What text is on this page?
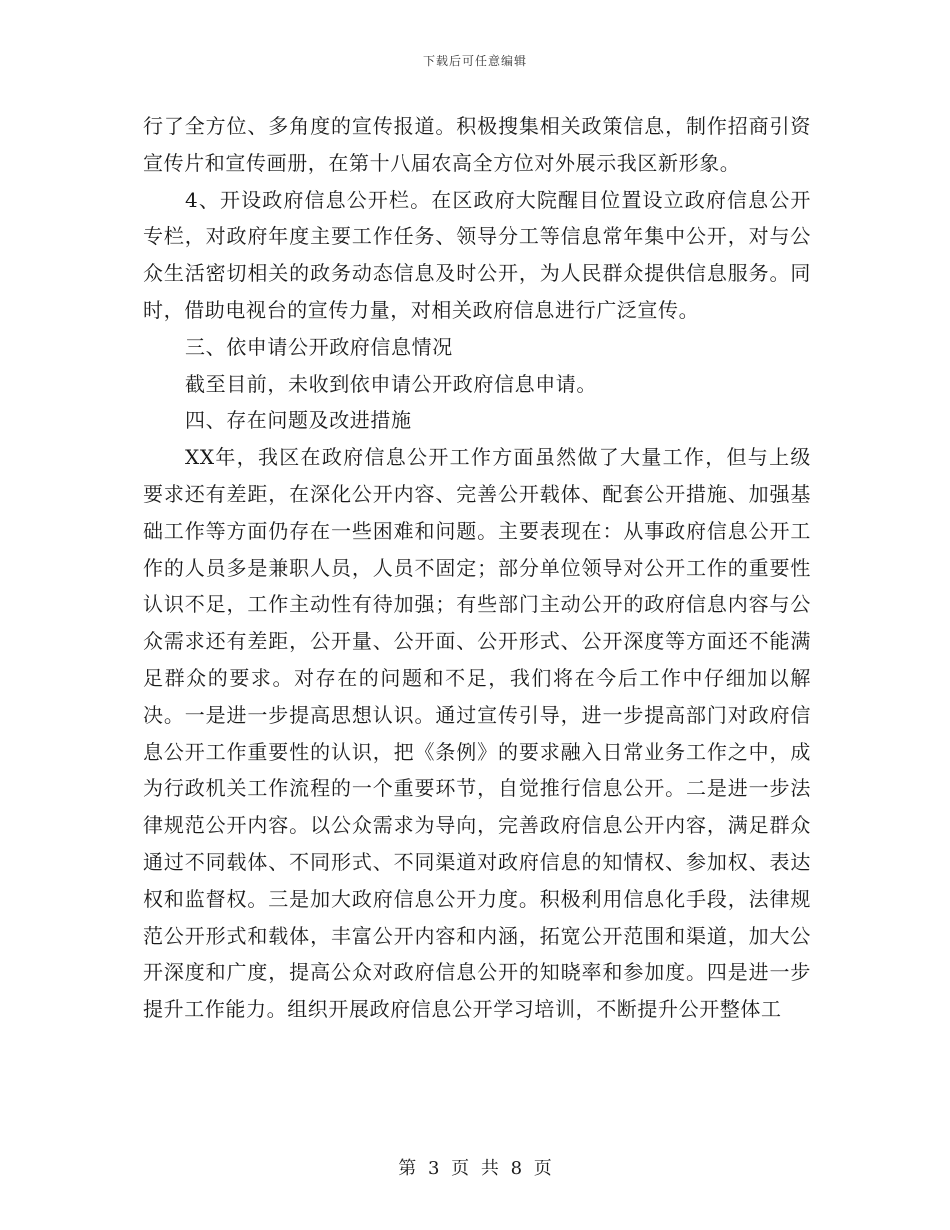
下载后可任意编辑

行了全方位、多角度的宣传报道。积极搜集相关政策信息，制作招商引资宣传片和宣传画册，在第十八届农高全方位对外展示我区新形象。

4、开设政府信息公开栏。在区政府大院醒目位置设立政府信息公开专栏，对政府年度主要工作任务、领导分工等信息常年集中公开，对与公众生活密切相关的政务动态信息及时公开，为人民群众提供信息服务。同时，借助电视台的宣传力量，对相关政府信息进行广泛宣传。

三、依申请公开政府信息情况

截至目前，未收到依申请公开政府信息申请。

四、存在问题及改进措施

XX年，我区在政府信息公开工作方面虽然做了大量工作，但与上级要求还有差距，在深化公开内容、完善公开载体、配套公开措施、加强基础工作等方面仍存在一些困难和问题。主要表现在：从事政府信息公开工作的人员多是兼职人员，人员不固定；部分单位领导对公开工作的重要性认识不足，工作主动性有待加强；有些部门主动公开的政府信息内容与公众需求还有差距，公开量、公开面、公开形式、公开深度等方面还不能满足群众的要求。对存在的问题和不足，我们将在今后工作中仔细加以解决。一是进一步提高思想认识。通过宣传引导，进一步提高部门对政府信息公开工作重要性的认识，把《条例》的要求融入日常业务工作之中，成为行政机关工作流程的一个重要环节，自觉推行信息公开。二是进一步法律规范公开内容。以公众需求为导向，完善政府信息公开内容，满足群众通过不同载体、不同形式、不同渠道对政府信息的知情权、参加权、表达权和监督权。三是加大政府信息公开力度。积极利用信息化手段，法律规范公开形式和载体，丰富公开内容和内涵，拓宽公开范围和渠道，加大公开深度和广度，提高公众对政府信息公开的知晓率和参加度。四是进一步提升工作能力。组织开展政府信息公开学习培训，不断提升公开整体工

第 3 页 共 8 页
